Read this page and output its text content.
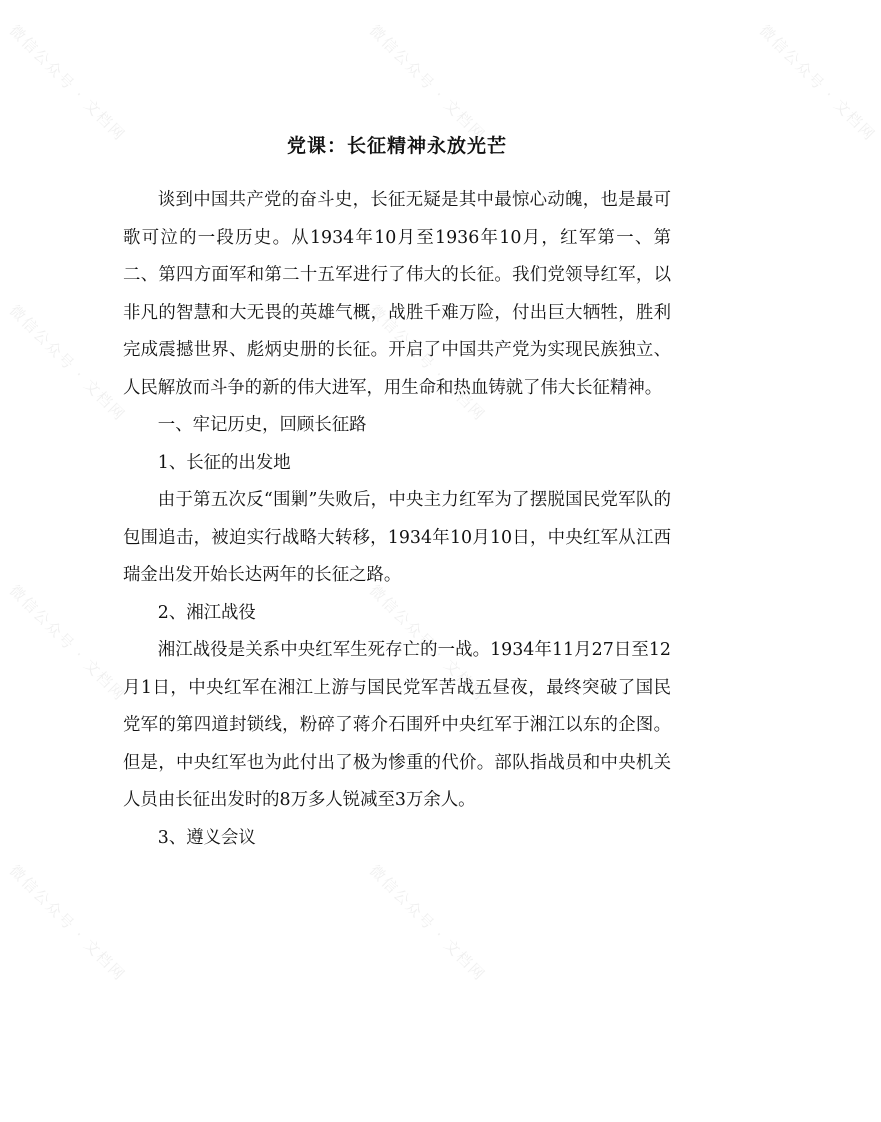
微信公众号 · 文档网	微信公众号 · 文档网	微信公众号 · 文档网
微信公众号 · 文档网	微信公众号 · 文档网
微信公众号 · 文档网	微信公众号 · 文档网
微信公众号 · 文档网	微信公众号 · 文档网
党课：长征精神永放光芒

谈到中国共产党的奋斗史，长征无疑是其中最惊心动魄，也是最可歌可泣的一段历史。从1934年10月至1936年10月，红军第一、第二、第四方面军和第二十五军进行了伟大的长征。我们党领导红军，以非凡的智慧和大无畏的英雄气概，战胜千难万险，付出巨大牺牲，胜利完成震撼世界、彪炳史册的长征。开启了中国共产党为实现民族独立、人民解放而斗争的新的伟大进军，用生命和热血铸就了伟大长征精神。

一、牢记历史，回顾长征路

1、长征的出发地

由于第五次反“围剿”失败后，中央主力红军为了摆脱国民党军队的包围追击，被迫实行战略大转移，1934年10月10日，中央红军从江西瑞金出发开始长达两年的长征之路。

2、湘江战役

湘江战役是关系中央红军生死存亡的一战。1934年11月27日至12月1日，中央红军在湘江上游与国民党军苦战五昼夜，最终突破了国民党军的第四道封锁线，粉碎了蒋介石围歼中央红军于湘江以东的企图。但是，中央红军也为此付出了极为惨重的代价。部队指战员和中央机关人员由长征出发时的8万多人锐减至3万余人。

3、遵义会议
